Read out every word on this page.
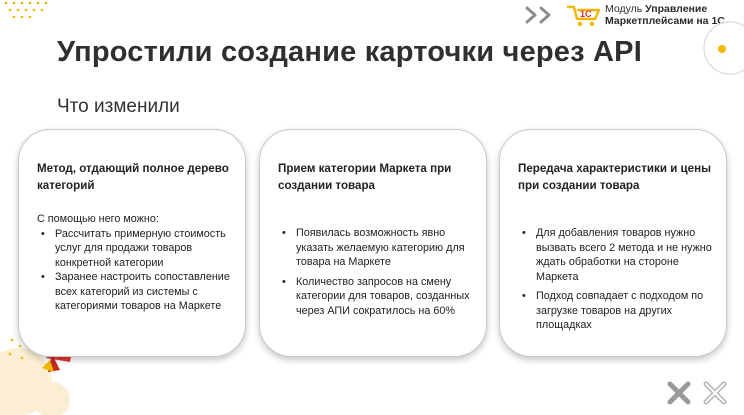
1C Модуль Управление
Маркетплейсами на 1С
Упростили создание карточки через API
Что изменили

Метод, отдающий полное дерево категорий

С помощью него можно:

• Рассчитать примерную стоимость услуг для продажи товаров конкретной категории
• Заранее настроить сопоставление всех категорий из системы с категориями товаров на Маркете

Прием категории Маркета при создании товара

• Появилась возможность явно указать желаемую категорию для товара на Маркете
• Количество запросов на смену категории для товаров, созданных через АПИ сократилось на 60%

Передача характеристики и цены при создании товара

• Для добавления товаров нужно вызвать всего 2 метода и не нужно ждать обработки на стороне Маркета
• Подход совпадает с подходом по загрузке товаров на других площадках
